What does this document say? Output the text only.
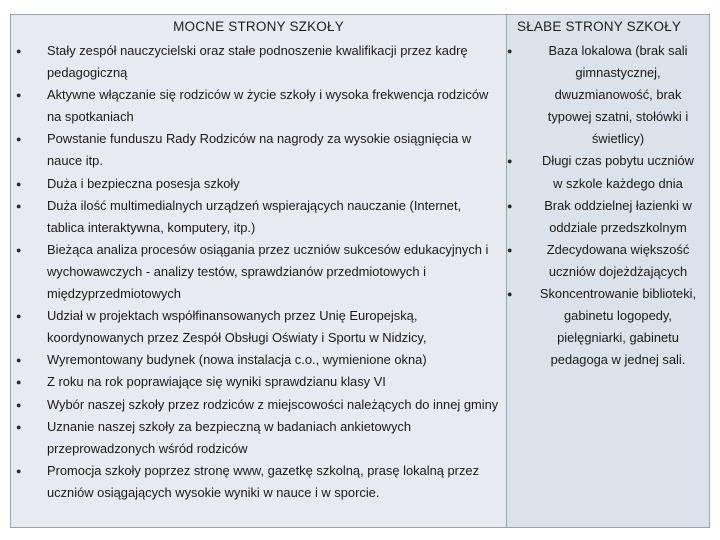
MOCNE STRONY SZKOŁY
● Stały zespół nauczycielski oraz stałe podnoszenie kwalifikacji przez kadrę pedagogiczną
● Aktywne włączanie się rodziców w życie szkoły i wysoka frekwencja rodziców na spotkaniach
● Powstanie funduszu Rady Rodziców na nagrody za wysokie osiągnięcia w nauce itp.
● Duża i bezpieczna posesja szkoły
● Duża ilość multimedialnych urządzeń wspierających nauczanie (Internet, tablica interaktywna, komputery, itp.)
● Bieżąca analiza procesów osiągania przez uczniów sukcesów edukacyjnych i wychowawczych - analizy testów, sprawdzianów przedmiotowych i międzyprzedmiotowych
● Udział w projektach współfinansowanych przez Unię Europejską, koordynowanych przez Zespół Obsługi Oświaty i Sportu w Nidzicy,
● Wyremontowany budynek (nowa instalacja c.o., wymienione okna)
● Z roku na rok poprawiające się wyniki sprawdzianu klasy VI
● Wybór naszej szkoły przez rodziców z miejscowości należących do innej gminy
● Uznanie naszej szkoły za bezpieczną w badaniach ankietowych przeprowadzonych wśród rodziców
● Promocja szkoły poprzez stronę www, gazetkę szkolną, prasę lokalną przez uczniów osiągających wysokie wyniki w nauce i w sporcie.
SŁABE STRONY SZKOŁY
●	Baza lokalowa (brak sali gimnastycznej, dwuzmianowość, brak typowej szatni, stołówki i świetlicy)
● Długi czas pobytu uczniów w szkole każdego dnia
● Brak oddzielnej łazienki w oddziale przedszkolnym
●	Zdecydowana większość uczniów dojeżdżających
● Skoncentrowanie biblioteki, gabinetu logopedy, pielęgniarki, gabinetu pedagoga w jednej sali.
